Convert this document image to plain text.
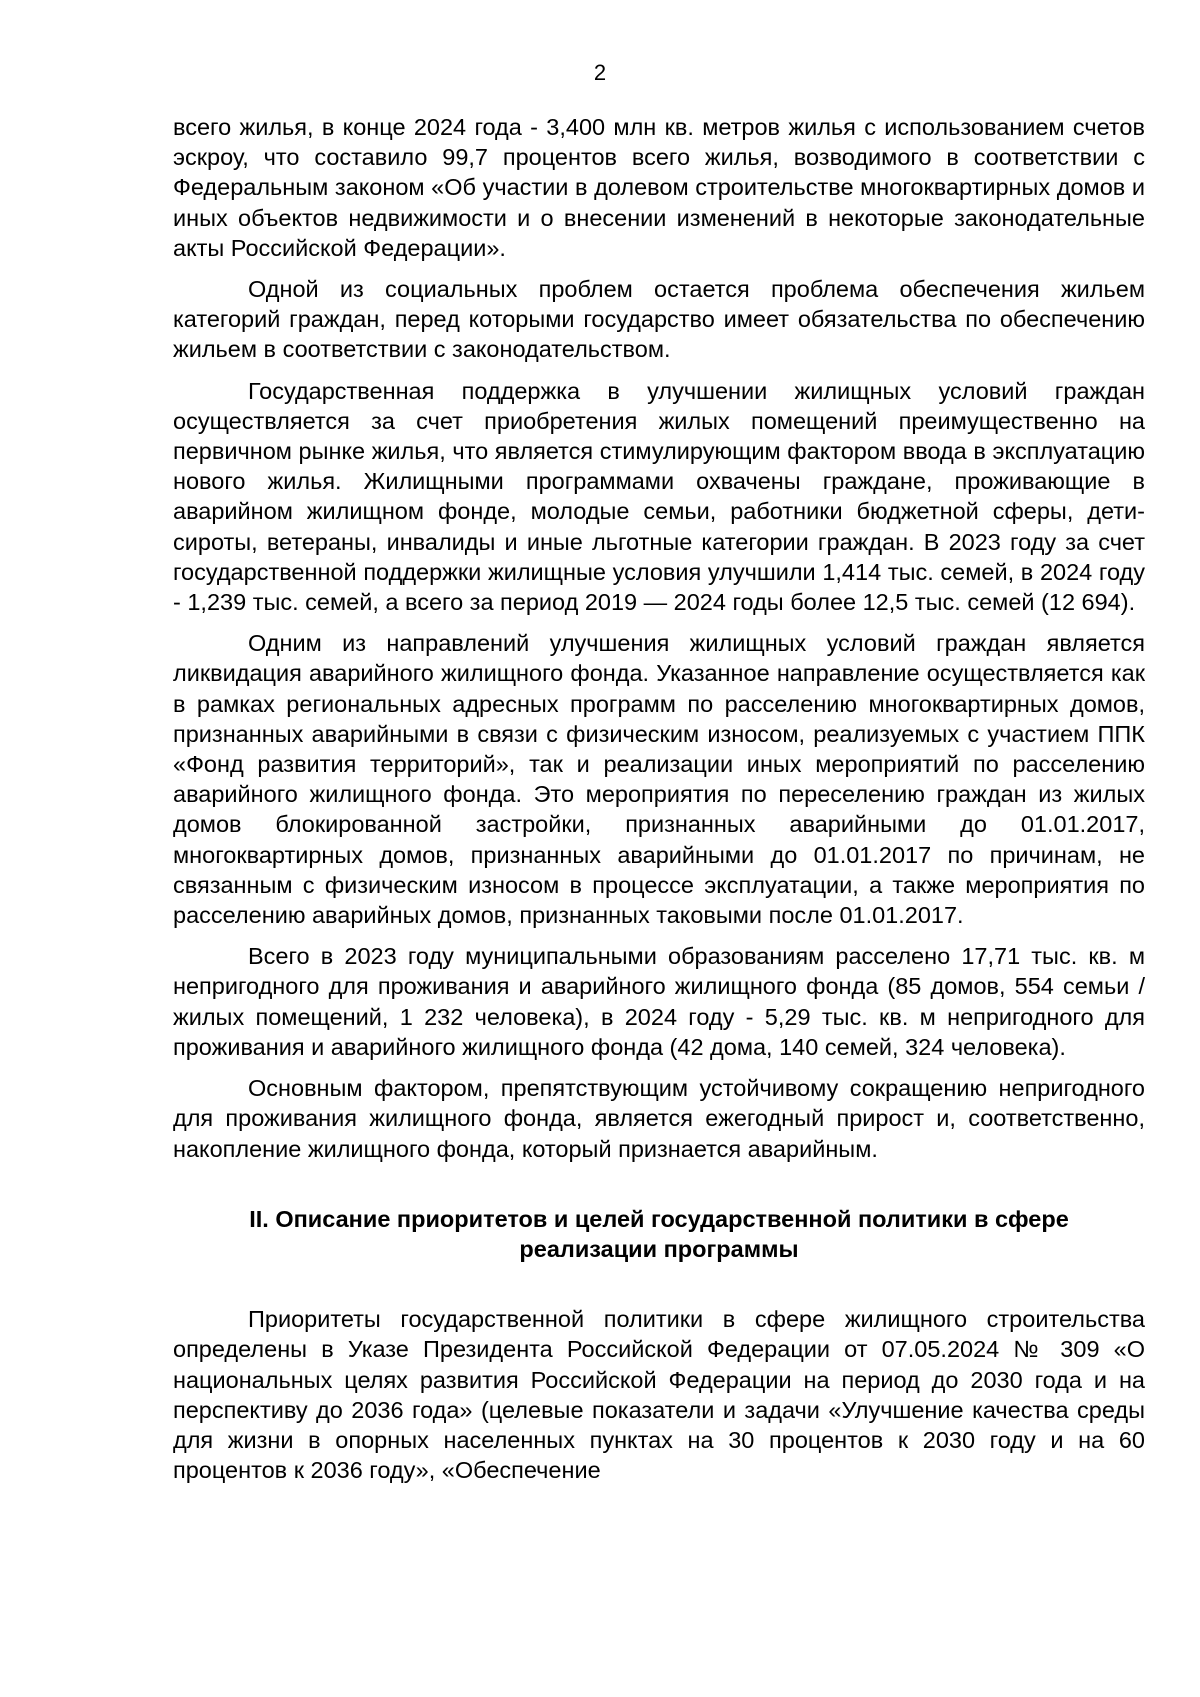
2

всего жилья, в конце 2024 года - 3,400 млн кв. метров жилья с использованием счетов эскроу, что составило 99,7 процентов всего жилья, возводимого в соответствии с Федеральным законом «Об участии в долевом строительстве многоквартирных домов и иных объектов недвижимости и о внесении изменений в некоторые законодательные акты Российской Федерации».

Одной из социальных проблем остается проблема обеспечения жильем категорий граждан, перед которыми государство имеет обязательства по обеспечению жильем в соответствии с законодательством.

Государственная поддержка в улучшении жилищных условий граждан осуществляется за счет приобретения жилых помещений преимущественно на первичном рынке жилья, что является стимулирующим фактором ввода в эксплуатацию нового жилья. Жилищными программами охвачены граждане, проживающие в аварийном жилищном фонде, молодые семьи, работники бюджетной сферы, дети-сироты, ветераны, инвалиды и иные льготные категории граждан. В 2023 году за счет государственной поддержки жилищные условия улучшили 1,414 тыс. семей, в 2024 году - 1,239 тыс. семей, а всего за период 2019 — 2024 годы более 12,5 тыс. семей (12 694).

Одним из направлений улучшения жилищных условий граждан является ликвидация аварийного жилищного фонда. Указанное направление осуществляется как в рамках региональных адресных программ по расселению многоквартирных домов, признанных аварийными в связи с физическим износом, реализуемых с участием ППК «Фонд развития территорий», так и реализации иных мероприятий по расселению аварийного жилищного фонда. Это мероприятия по переселению граждан из жилых домов блокированной застройки, признанных аварийными до 01.01.2017, многоквартирных домов, признанных аварийными до 01.01.2017 по причинам, не связанным с физическим износом в процессе эксплуатации, а также мероприятия по расселению аварийных домов, признанных таковыми после 01.01.2017.

Всего в 2023 году муниципальными образованиям расселено 17,71 тыс. кв. м непригодного для проживания и аварийного жилищного фонда (85 домов, 554 семьи / жилых помещений, 1 232 человека), в 2024 году - 5,29 тыс. кв. м непригодного для проживания и аварийного жилищного фонда (42 дома, 140 семей, 324 человека).

Основным фактором, препятствующим устойчивому сокращению непригодного для проживания жилищного фонда, является ежегодный прирост и, соответственно, накопление жилищного фонда, который признается аварийным.

II. Описание приоритетов и целей государственной политики в сфере
реализации программы

Приоритеты государственной политики в сфере жилищного строительства определены в Указе Президента Российской Федерации от 07.05.2024 № 309 «О национальных целях развития Российской Федерации на период до 2030 года и на перспективу до 2036 года» (целевые показатели и задачи «Улучшение качества среды для жизни в опорных населенных пунктах на 30 процентов к 2030 году и на 60 процентов к 2036 году», «Обеспечение
